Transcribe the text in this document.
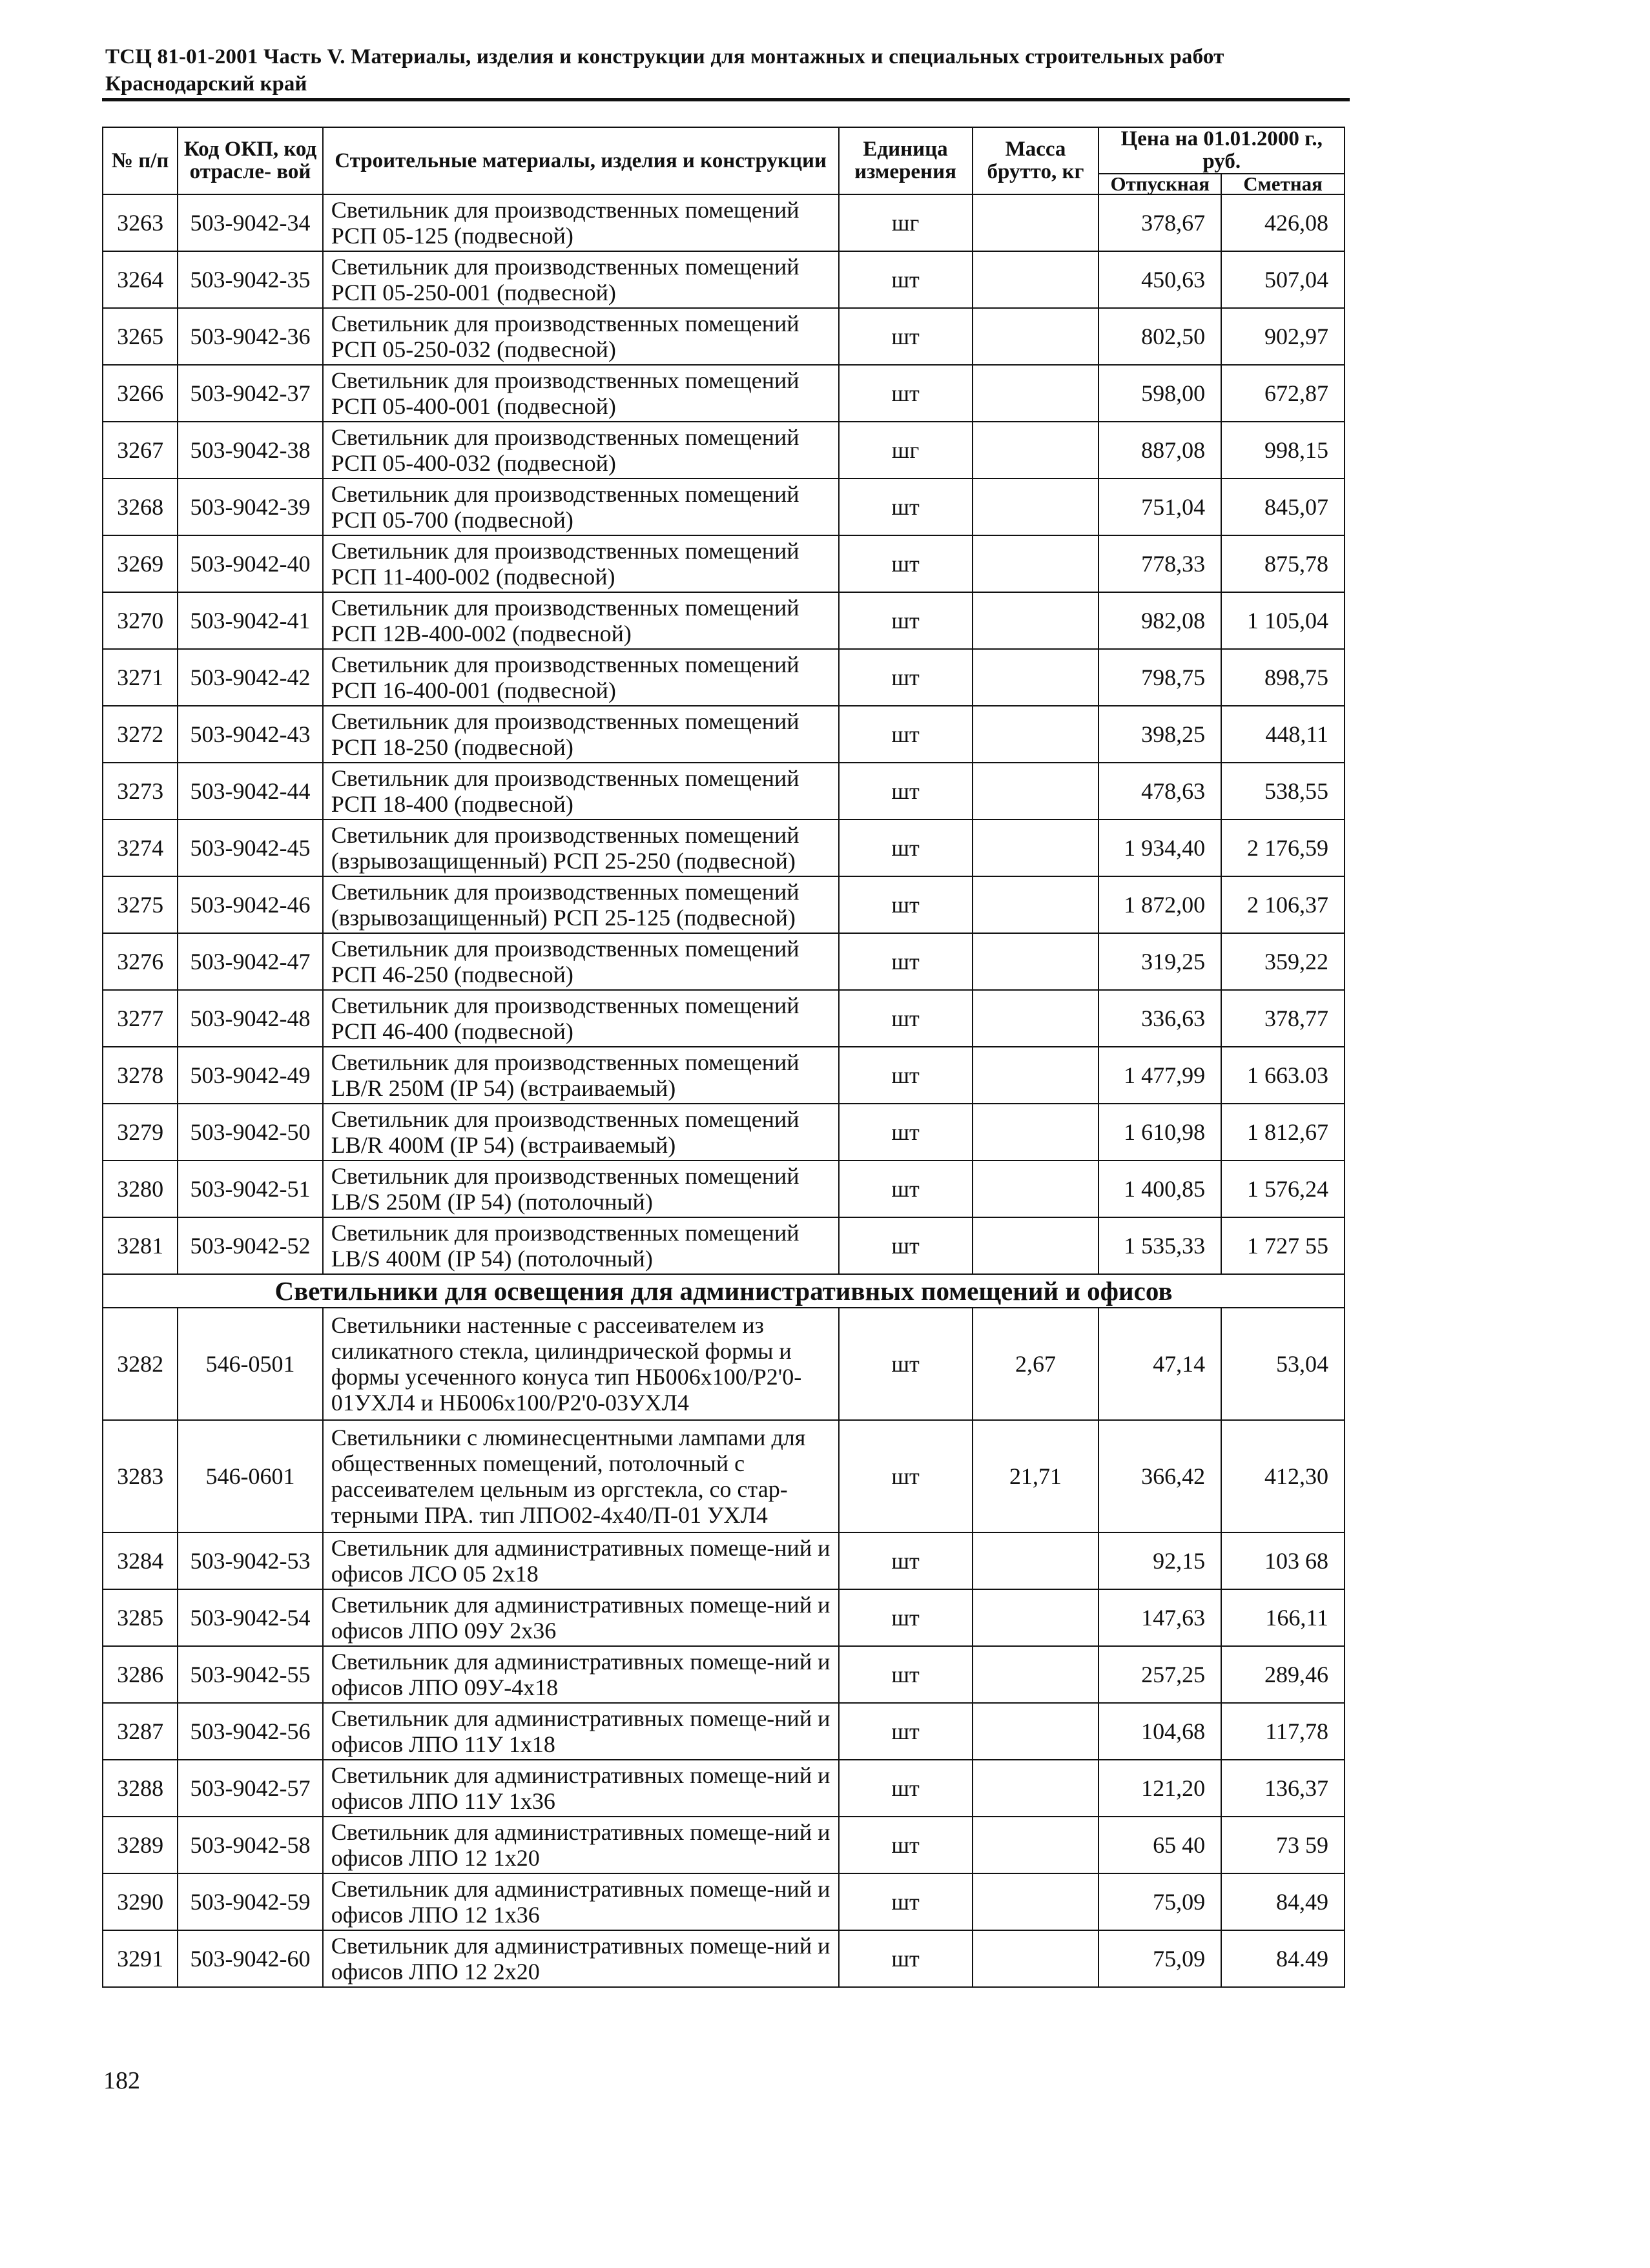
ТСЦ 81-01-2001 Часть V. Материалы, изделия и конструкции для монтажных и специальных строительных работ
Краснодарский край
№ п/п	Код ОКП, код отрасле- вой	Строительные материалы, изделия и конструкции	Единица измерения	Масса брутто, кг	Цена на 01.01.2000 г., руб.	
					Отпускная	Сметная
3263	503-9042-34	Светильник для производственных помещений РСП 05-125 (подвесной)	шг		378,67	426,08
3264	503-9042-35	Светильник для производственных помещений РСП 05-250-001 (подвесной)	шт		450,63	507,04
3265	503-9042-36	Светильник для производственных помещений РСП 05-250-032 (подвесной)	шт		802,50	902,97
3266	503-9042-37	Светильник для производственных помещений РСП 05-400-001 (подвесной)	шт		598,00	672,87
3267	503-9042-38	Светильник для производственных помещений РСП 05-400-032 (подвесной)	шг		887,08	998,15
3268	503-9042-39	Светильник для производственных помещений РСП 05-700 (подвесной)	шт		751,04	845,07
3269	503-9042-40	Светильник для производственных помещений РСП 11-400-002 (подвесной)	шт		778,33	875,78
3270	503-9042-41	Светильник для производственных помещений РСП 12В-400-002 (подвесной)	шт		982,08	1 105,04
3271	503-9042-42	Светильник для производственных помещений РСП 16-400-001 (подвесной)	шт		798,75	898,75
3272	503-9042-43	Светильник для производственных помещений РСП 18-250 (подвесной)	шт		398,25	448,11
3273	503-9042-44	Светильник для производственных помещений РСП 18-400 (подвесной)	шт		478,63	538,55
3274	503-9042-45	Светильник для производственных помещений (взрывозащищенный) РСП 25-250 (подвесной)	шт		1 934,40	2 176,59
3275	503-9042-46	Светильник для производственных помещений (взрывозащищенный) РСП 25-125 (подвесной)	шт		1 872,00	2 106,37
3276	503-9042-47	Светильник для производственных помещений РСП 46-250 (подвесной)	шт		319,25	359,22
3277	503-9042-48	Светильник для производственных помещений РСП 46-400 (подвесной)	шт		336,63	378,77
3278	503-9042-49	Светильник для производственных помещений LB/R 250M (IP 54) (встраиваемый)	шт		1 477,99	1 663.03
3279	503-9042-50	Светильник для производственных помещений LB/R 400M (IP 54) (встраиваемый)	шт		1 610,98	1 812,67
3280	503-9042-51	Светильник для производственных помещений LB/S 250M (IP 54) (потолочный)	шт		1 400,85	1 576,24
3281	503-9042-52	Светильник для производственных помещений LB/S 400M (IP 54) (потолочный)	шт		1 535,33	1 727 55
Светильники для освещения для административных помещений и офисов						
3282	546-0501	Светильники настенные с рассеивателем из силикатного стекла, цилиндрической формы и формы усеченного конуса тип НБ006х100/Р2'0-01УХЛ4 и НБ006х100/Р2'0-03УХЛ4	шт	2,67	47,14	53,04
3283	546-0601	Светильники с люминесцентными лампами для общественных помещений, потолочный с рассеивателем цельным из оргстекла, со стар-терными ПРА. тип ЛПО02-4х40/П-01 УХЛ4	шт	21,71	366,42	412,30
3284	503-9042-53	Светильник для административных помеще-ний и офисов ЛСО 05 2х18	шт		92,15	103 68
3285	503-9042-54	Светильник для административных помеще-ний и офисов ЛПО 09У 2х36	шт		147,63	166,11
3286	503-9042-55	Светильник для административных помеще-ний и офисов ЛПО 09У-4х18	шт		257,25	289,46
3287	503-9042-56	Светильник для административных помеще-ний и офисов ЛПО 11У 1х18	шт		104,68	117,78
3288	503-9042-57	Светильник для административных помеще-ний и офисов ЛПО 11У 1х36	шт		121,20	136,37
3289	503-9042-58	Светильник для административных помеще-ний и офисов ЛПО 12 1х20	шт		65 40	73 59
3290	503-9042-59	Светильник для административных помеще-ний и офисов ЛПО 12 1х36	шт		75,09	84,49
3291	503-9042-60	Светильник для административных помеще-ний и офисов ЛПО 12 2х20	шт		75,09	84.49
182
